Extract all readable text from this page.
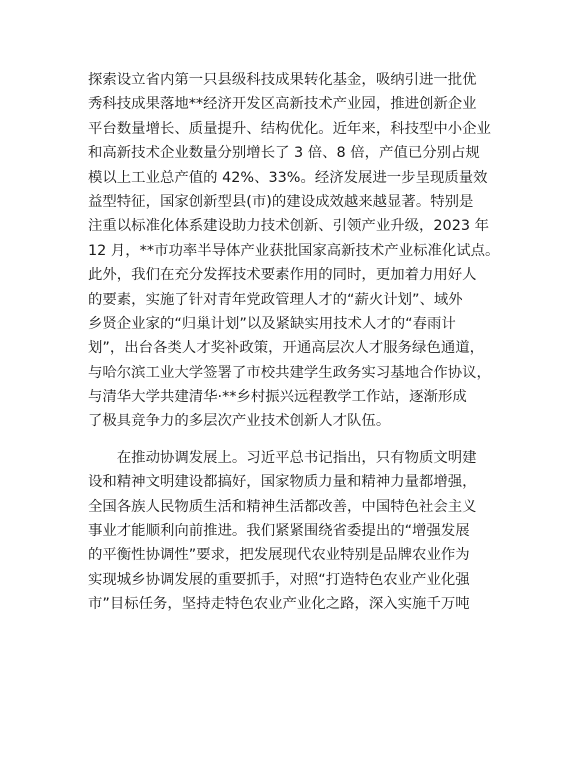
探索设立省内第一只县级科技成果转化基金，吸纳引进一批优
秀科技成果落地**经济开发区高新技术产业园，推进创新企业
平台数量增长、质量提升、结构优化。近年来，科技型中小企业
和高新技术企业数量分别增长了 3 倍、8 倍，产值已分别占规
模以上工业总产值的 42%、33%。经济发展进一步呈现质量效
益型特征，国家创新型县(市)的建设成效越来越显著。特别是
注重以标准化体系建设助力技术创新、引领产业升级，2023 年
12 月，**市功率半导体产业获批国家高新技术产业标准化试点。
此外，我们在充分发挥技术要素作用的同时，更加着力用好人
的要素，实施了针对青年党政管理人才的“薪火计划”、域外
乡贤企业家的“归巢计划”以及紧缺实用技术人才的“春雨计
划”，出台各类人才奖补政策，开通高层次人才服务绿色通道，
与哈尔滨工业大学签署了市校共建学生政务实习基地合作协议，
与清华大学共建清华·**乡村振兴远程教学工作站，逐渐形成
了极具竞争力的多层次产业技术创新人才队伍。
　　在推动协调发展上。习近平总书记指出，只有物质文明建
设和精神文明建设都搞好，国家物质力量和精神力量都增强，
全国各族人民物质生活和精神生活都改善，中国特色社会主义
事业才能顺利向前推进。我们紧紧围绕省委提出的“增强发展
的平衡性协调性”要求，把发展现代农业特别是品牌农业作为
实现城乡协调发展的重要抓手，对照“打造特色农业产业化强
市”目标任务，坚持走特色农业产业化之路，深入实施千万吨
